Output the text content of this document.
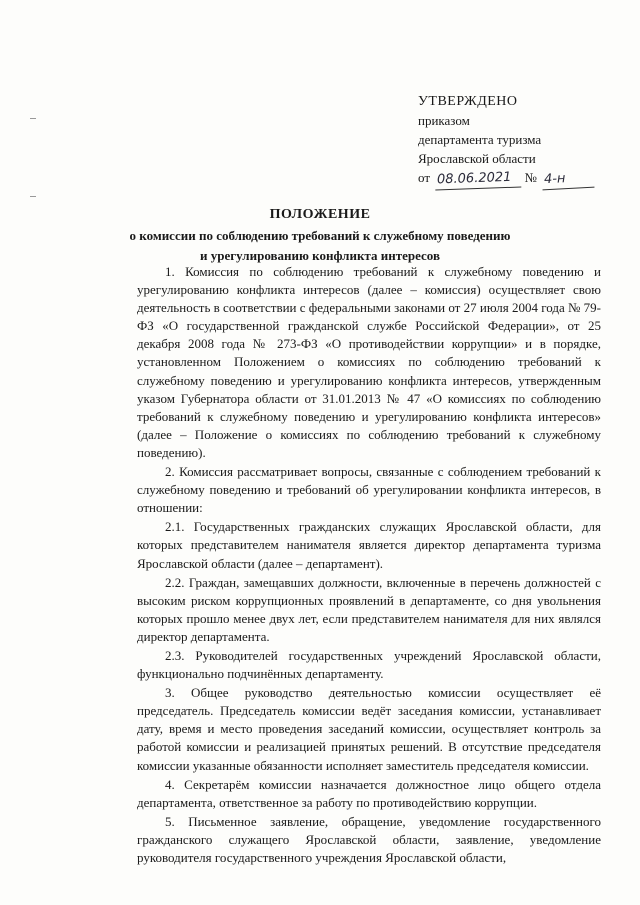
УТВЕРЖДЕНО
приказом
департамента туризма
Ярославской области
от 08.06.2021 № 4-н
ПОЛОЖЕНИЕ
о комиссии по соблюдению требований к служебному поведению
и урегулированию конфликта интересов

1. Комиссия по соблюдению требований к служебному поведению и урегулированию конфликта интересов (далее – комиссия) осуществляет свою деятельность в соответствии с федеральными законами от 27 июля 2004 года № 79-ФЗ «О государственной гражданской службе Российской Федерации», от 25 декабря 2008 года № 273-ФЗ «О противодействии коррупции» и в порядке, установленном Положением о комиссиях по соблюдению требований к служебному поведению и урегулированию конфликта интересов, утвержденным указом Губернатора области от 31.01.2013 № 47 «О комиссиях по соблюдению требований к служебному поведению и урегулированию конфликта интересов» (далее – Положение о комиссиях по соблюдению требований к служебному поведению).

2. Комиссия рассматривает вопросы, связанные с соблюдением требований к служебному поведению и требований об урегулировании конфликта интересов, в отношении:

2.1. Государственных гражданских служащих Ярославской области, для которых представителем нанимателя является директор департамента туризма Ярославской области (далее – департамент).

2.2. Граждан, замещавших должности, включенные в перечень должностей с высоким риском коррупционных проявлений в департаменте, со дня увольнения которых прошло менее двух лет, если представителем нанимателя для них являлся директор департамента.

2.3. Руководителей государственных учреждений Ярославской области, функционально подчинённых департаменту.

3. Общее руководство деятельностью комиссии осуществляет её председатель. Председатель комиссии ведёт заседания комиссии, устанавливает дату, время и место проведения заседаний комиссии, осуществляет контроль за работой комиссии и реализацией принятых решений. В отсутствие председателя комиссии указанные обязанности исполняет заместитель председателя комиссии.

4. Секретарём комиссии назначается должностное лицо общего отдела департамента, ответственное за работу по противодействию коррупции.

5. Письменное заявление, обращение, уведомление государственного гражданского служащего Ярославской области, заявление, уведомление руководителя государственного учреждения Ярославской области,
